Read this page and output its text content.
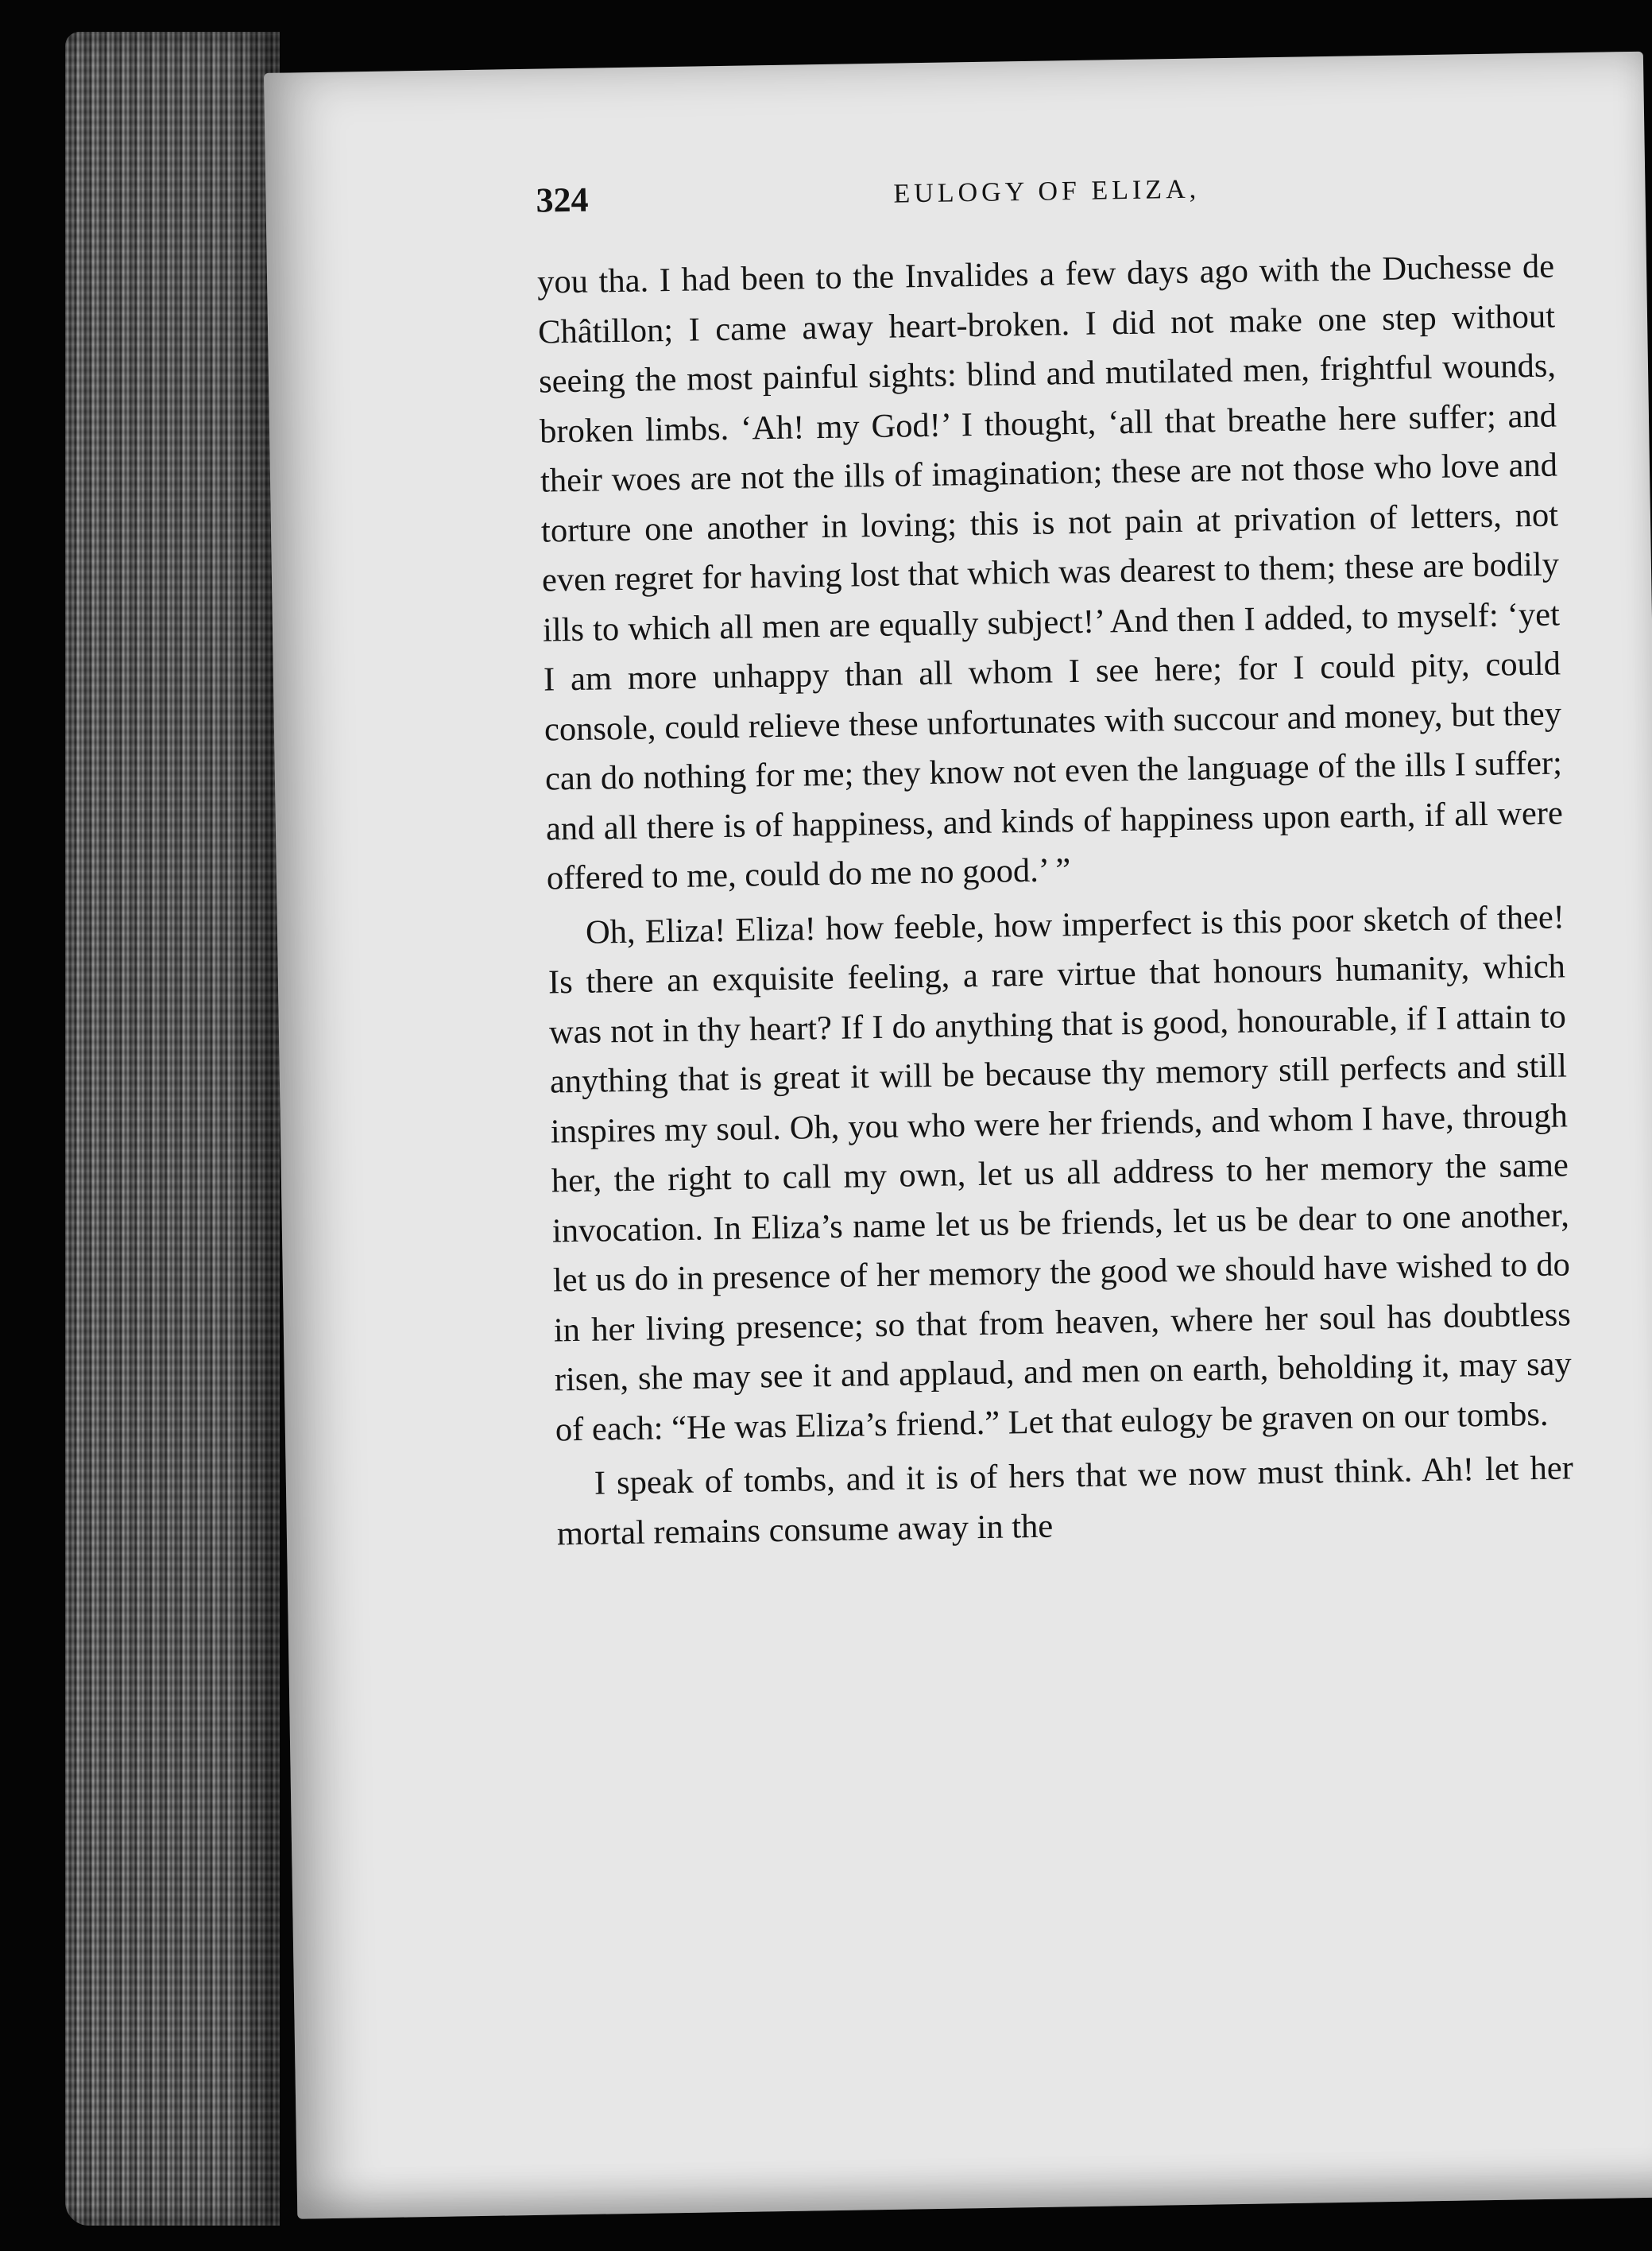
324	EULOGY OF ELIZA,

you tha. I had been to the Invalides a few days ago with the Duchesse de Châtillon; I came away heart-broken. I did not make one step without seeing the most painful sights: blind and mutilated men, frightful wounds, broken limbs. ‘Ah! my God!’ I thought, ‘all that breathe here suffer; and their woes are not the ills of imagination; these are not those who love and torture one another in loving; this is not pain at privation of letters, not even regret for having lost that which was dearest to them; these are bodily ills to which all men are equally subject!’ And then I added, to myself: ‘yet I am more unhappy than all whom I see here; for I could pity, could console, could relieve these unfortunates with succour and money, but they can do nothing for me; they know not even the language of the ills I suffer; and all there is of happiness, and kinds of happiness upon earth, if all were offered to me, could do me no good.’ ”

Oh, Eliza! Eliza! how feeble, how imperfect is this poor sketch of thee! Is there an exquisite feeling, a rare virtue that honours humanity, which was not in thy heart? If I do anything that is good, honourable, if I attain to anything that is great it will be because thy memory still perfects and still inspires my soul. Oh, you who were her friends, and whom I have, through her, the right to call my own, let us all address to her memory the same invocation. In Eliza’s name let us be friends, let us be dear to one another, let us do in presence of her memory the good we should have wished to do in her living presence; so that from heaven, where her soul has doubtless risen, she may see it and applaud, and men on earth, beholding it, may say of each: “He was Eliza’s friend.” Let that eulogy be graven on our tombs.

I speak of tombs, and it is of hers that we now must think. Ah! let her mortal remains consume away in the
